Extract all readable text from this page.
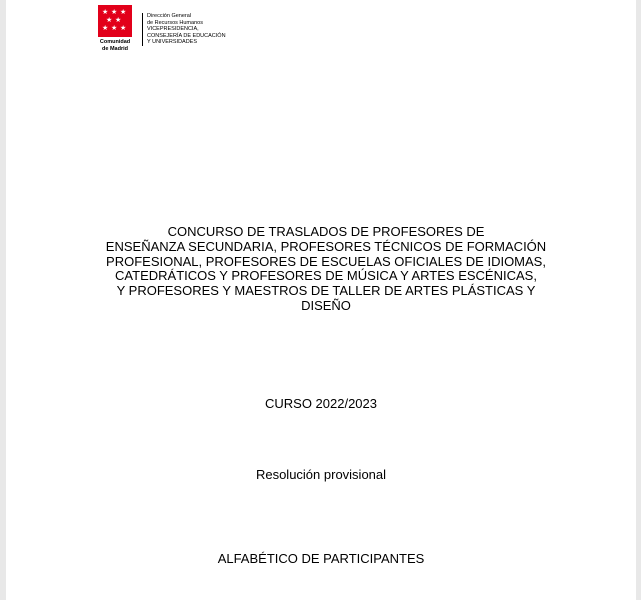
★ ★ ★
★ ★
★ ★ ★
Comunidad
de Madrid
Dirección General
de Recursos Humanos
VICEPRESIDENCIA,
CONSEJERÍA DE EDUCACIÓN
Y UNIVERSIDADES
CONCURSO DE TRASLADOS DE PROFESORES DE
ENSEÑANZA SECUNDARIA, PROFESORES TÉCNICOS DE FORMACIÓN
PROFESIONAL, PROFESORES DE ESCUELAS OFICIALES DE IDIOMAS,
CATEDRÁTICOS Y PROFESORES DE MÚSICA Y ARTES ESCÉNICAS,
Y PROFESORES Y MAESTROS DE TALLER DE ARTES PLÁSTICAS Y
DISEÑO
CURSO 2022/2023
Resolución provisional
ALFABÉTICO DE PARTICIPANTES
